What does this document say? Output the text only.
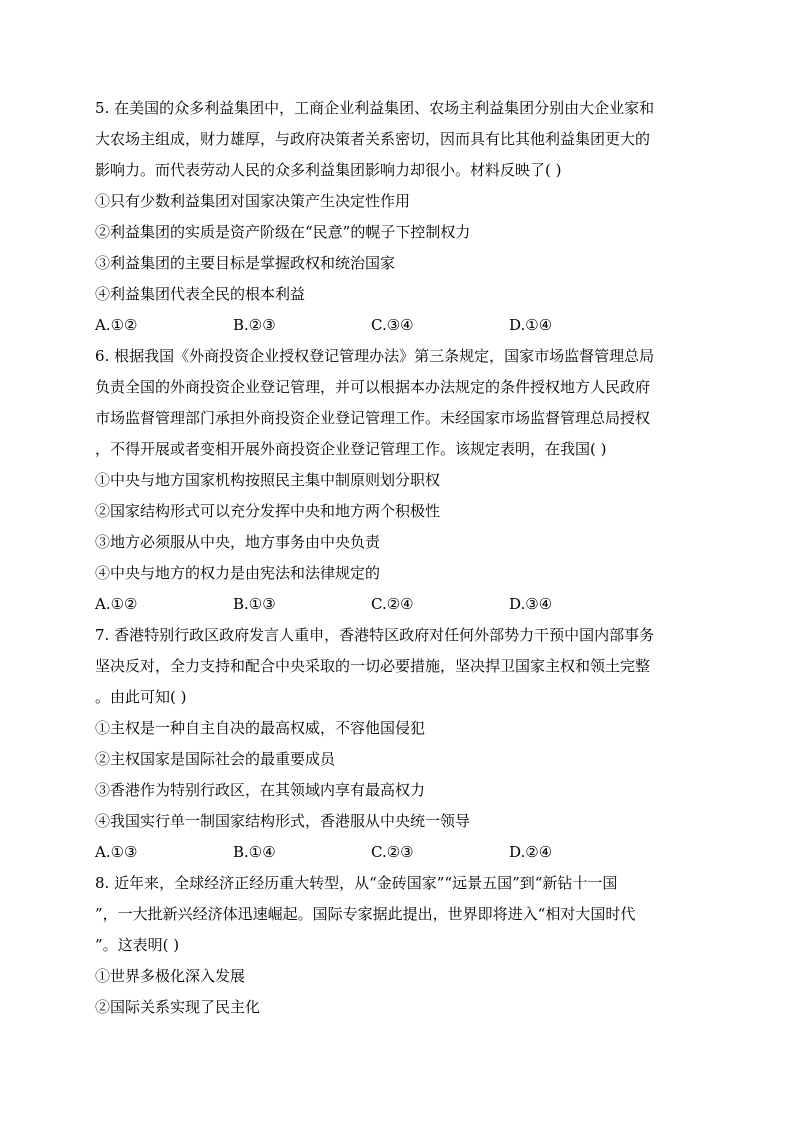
5. 在美国的众多利益集团中，工商企业利益集团、农场主利益集团分别由大企业家和
大农场主组成，财力雄厚，与政府决策者关系密切，因而具有比其他利益集团更大的
影响力。而代表劳动人民的众多利益集团影响力却很小。材料反映了( )
①只有少数利益集团对国家决策产生决定性作用
②利益集团的实质是资产阶级在“民意”的幌子下控制权力
③利益集团的主要目标是掌握政权和统治国家
④利益集团代表全民的根本利益
A.①②	B.②③	C.③④	D.①④
6. 根据我国《外商投资企业授权登记管理办法》第三条规定，国家市场监督管理总局
负责全国的外商投资企业登记管理，并可以根据本办法规定的条件授权地方人民政府
市场监督管理部门承担外商投资企业登记管理工作。未经国家市场监督管理总局授权
，不得开展或者变相开展外商投资企业登记管理工作。该规定表明，在我国( )
①中央与地方国家机构按照民主集中制原则划分职权
②国家结构形式可以充分发挥中央和地方两个积极性
③地方必须服从中央，地方事务由中央负责
④中央与地方的权力是由宪法和法律规定的
A.①②	B.①③	C.②④	D.③④
7. 香港特别行政区政府发言人重申，香港特区政府对任何外部势力干预中国内部事务
坚决反对，全力支持和配合中央采取的一切必要措施，坚决捍卫国家主权和领土完整
。由此可知( )
①主权是一种自主自决的最高权威，不容他国侵犯
②主权国家是国际社会的最重要成员
③香港作为特别行政区，在其领域内享有最高权力
④我国实行单一制国家结构形式，香港服从中央统一领导
A.①③	B.①④	C.②③	D.②④
8. 近年来，全球经济正经历重大转型，从“金砖国家”“远景五国”到“新钻十一国
”，一大批新兴经济体迅速崛起。国际专家据此提出，世界即将进入“相对大国时代
”。这表明( )
①世界多极化深入发展
②国际关系实现了民主化
